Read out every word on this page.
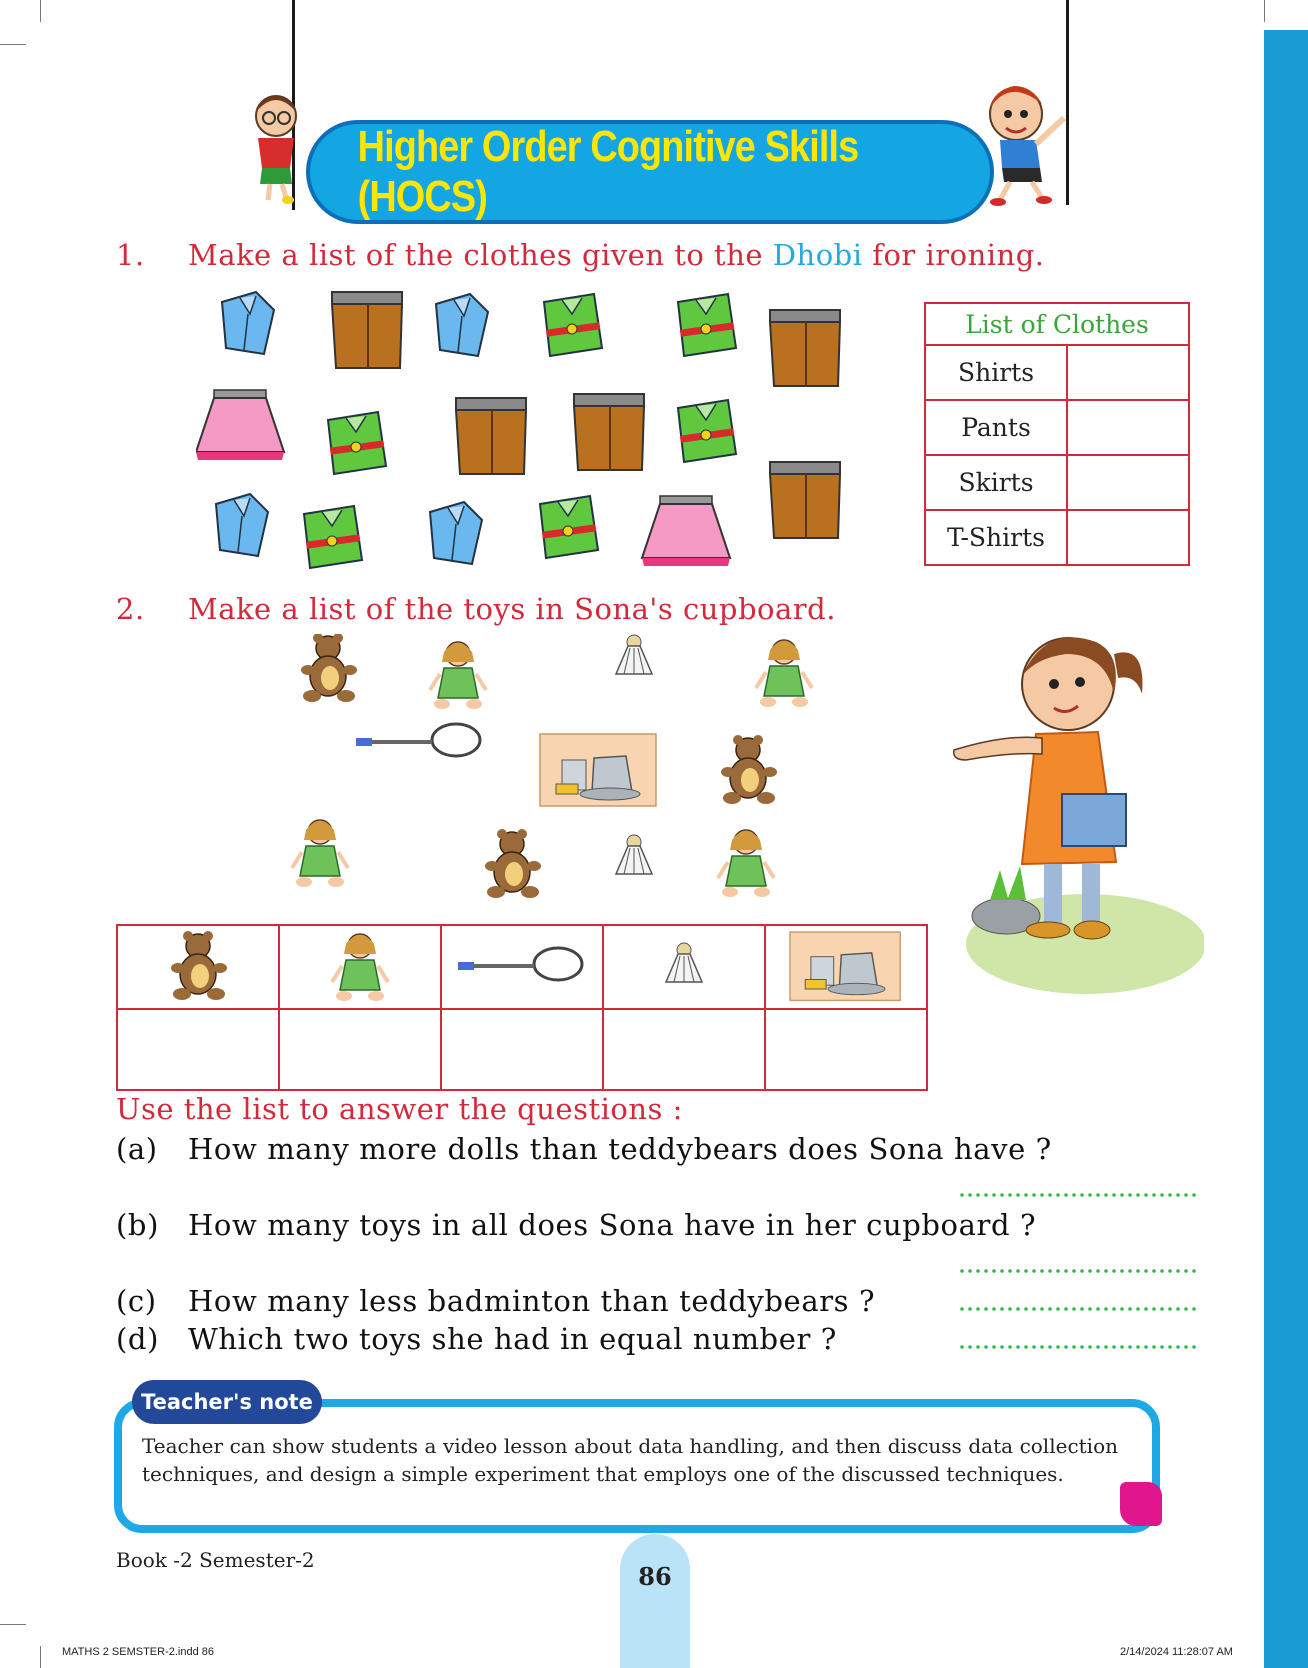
Higher Order Cognitive Skills (HOCS)
1. Make a list of the clothes given to the Dhobi for ironing.
List of Clothes	
Shirts	
Pants	
Skirts	
T-Shirts	
2. Make a list of the toys in Sona's cupboard.

Use the list to answer the questions :
(a) How many more dolls than teddybears does Sona have ?
(b) How many toys in all does Sona have in her cupboard ?
(c) How many less badminton than teddybears ?
(d) Which two toys she had in equal number ?
Teacher's note
Teacher can show students a video lesson about data handling, and then discuss data collection techniques, and design a simple experiment that employs one of the discussed techniques.
Book -2 Semester-2
86
MATHS 2 SEMSTER-2.indd 86	2/14/2024 11:28:07 AM
